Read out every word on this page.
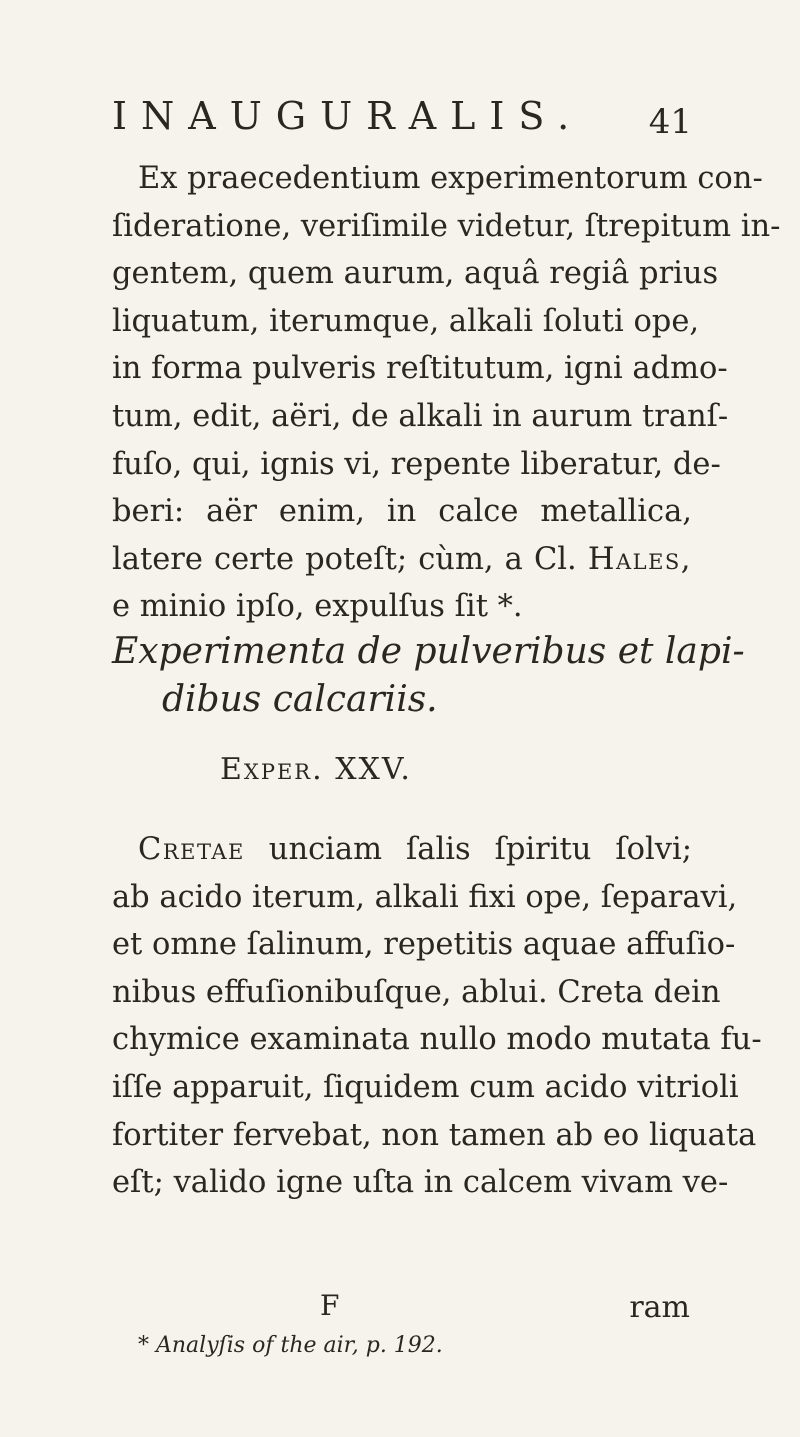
INAUGURALIS. 41
Ex praecedentium experimentorum con-
ſideratione, veriſimile videtur, ſtrepitum in-
gentem, quem aurum, aquâ regiâ prius
liquatum, iterumque, alkali ſoluti ope,
in forma pulveris reſtitutum, igni admo-
tum, edit, aëri, de alkali in aurum tranſ-
fuſo, qui, ignis vi, repente liberatur, de-
beri: aër enim, in calce metallica,
latere certe poteſt; cùm, a Cl. Hales,
e minio ipſo, expulſus ſit *.
Experimenta de pulveribus et lapi-
dibus calcariis.
Exper. XXV.
Cretae unciam ſalis ſpiritu ſolvi;
ab acido iterum, alkali fixi ope, ſeparavi,
et omne ſalinum, repetitis aquae affuſio-
nibus effuſionibuſque, ablui. Creta dein
chymice examinata nullo modo mutata fu-
iſſe apparuit, ſiquidem cum acido vitrioli
fortiter fervebat, non tamen ab eo liquata
eſt; valido igne uſta in calcem vivam ve-
F	ram
* Analyſis of the air, p. 192.
